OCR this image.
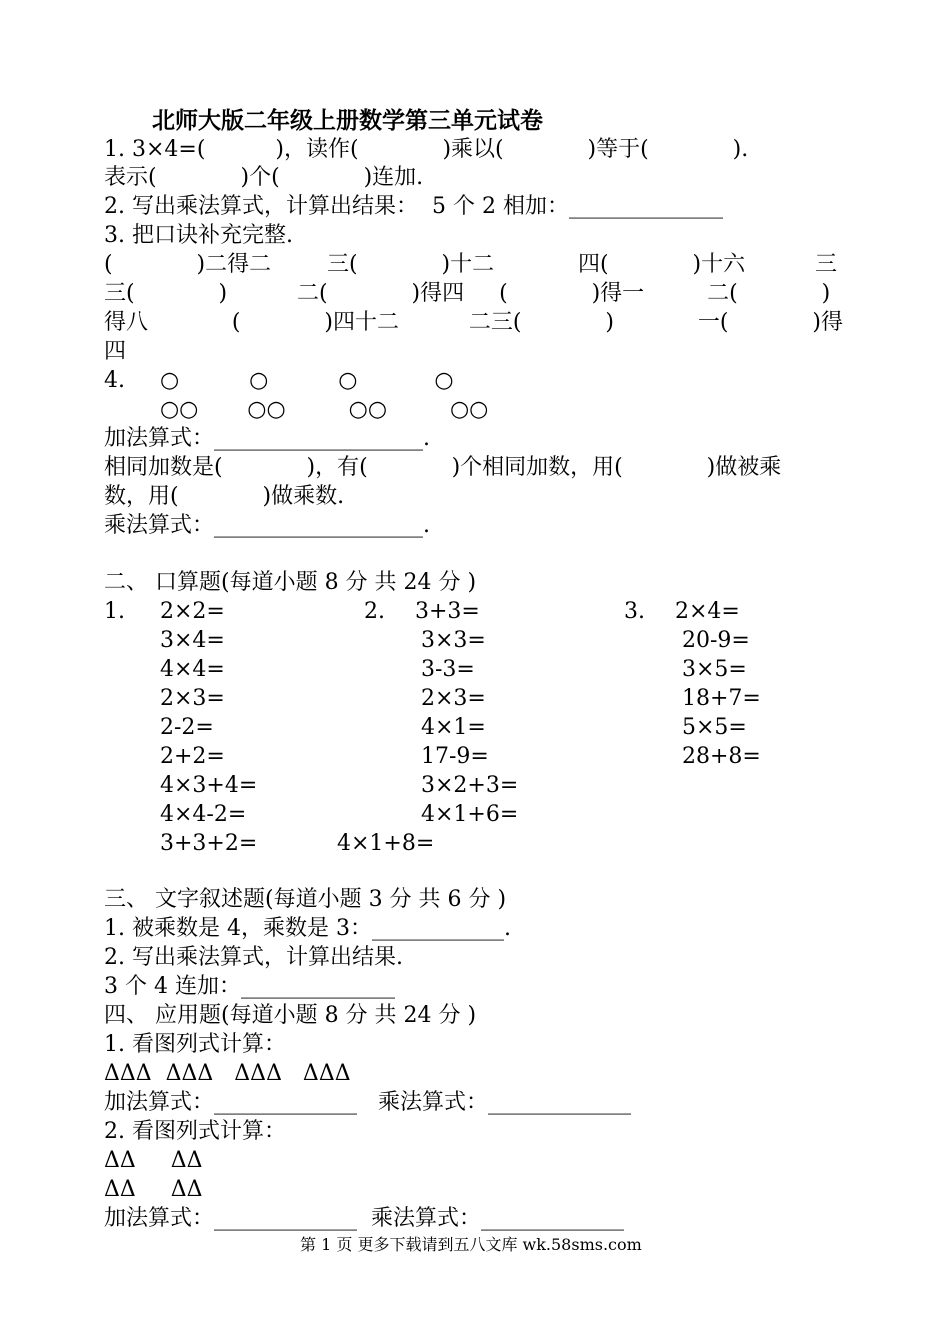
北师大版二年级上册数学第三单元试卷
1. 3×4=(          )，读作(            )乘以(            )等于(            ).
表示(            )个(            )连加.
2. 写出乘法算式，计算出结果：  5 个 2 相加：______________
3. 把口诀补充完整.
(            )二得二        三(            )十二            四(            )十六          三
三(            )          二(            )得四     (            )得一         二(            )
得八            (            )四十二          二三(            )            一(            )得
四
4.     ○          ○          ○           ○
○○       ○○         ○○         ○○
加法算式：___________________.
相同加数是(            )，有(            )个相同加数，用(            )做被乘
数，用(            )做乘数.
乘法算式：___________________.
二、 口算题(每道小题 8 分 共 24 分 )
1. 2×2=
3×4=
4×4=
2×3=
2-2=
2+2=
4×3+4=
4×4-2=
3+3+2=
2. 3+3=
3×3=
3-3=
2×3=
4×1=
17-9=
3×2+3=
4×1+6=
4×1+8=
3. 2×4=
20-9=
3×5=
18+7=
5×5=
28+8=
三、 文字叙述题(每道小题 3 分 共 6 分 )
1. 被乘数是 4，乘数是 3：____________.
2. 写出乘法算式，计算出结果.
3 个 4 连加：______________
四、 应用题(每道小题 8 分 共 24 分 )
1. 看图列式计算：
ΔΔΔ  ΔΔΔ   ΔΔΔ   ΔΔΔ
加法算式：_____________   乘法算式：_____________
2. 看图列式计算：
ΔΔ     ΔΔ
ΔΔ     ΔΔ
加法算式：_____________  乘法算式：_____________
第 1 页 更多下载请到五八文库 wk.58sms.com
